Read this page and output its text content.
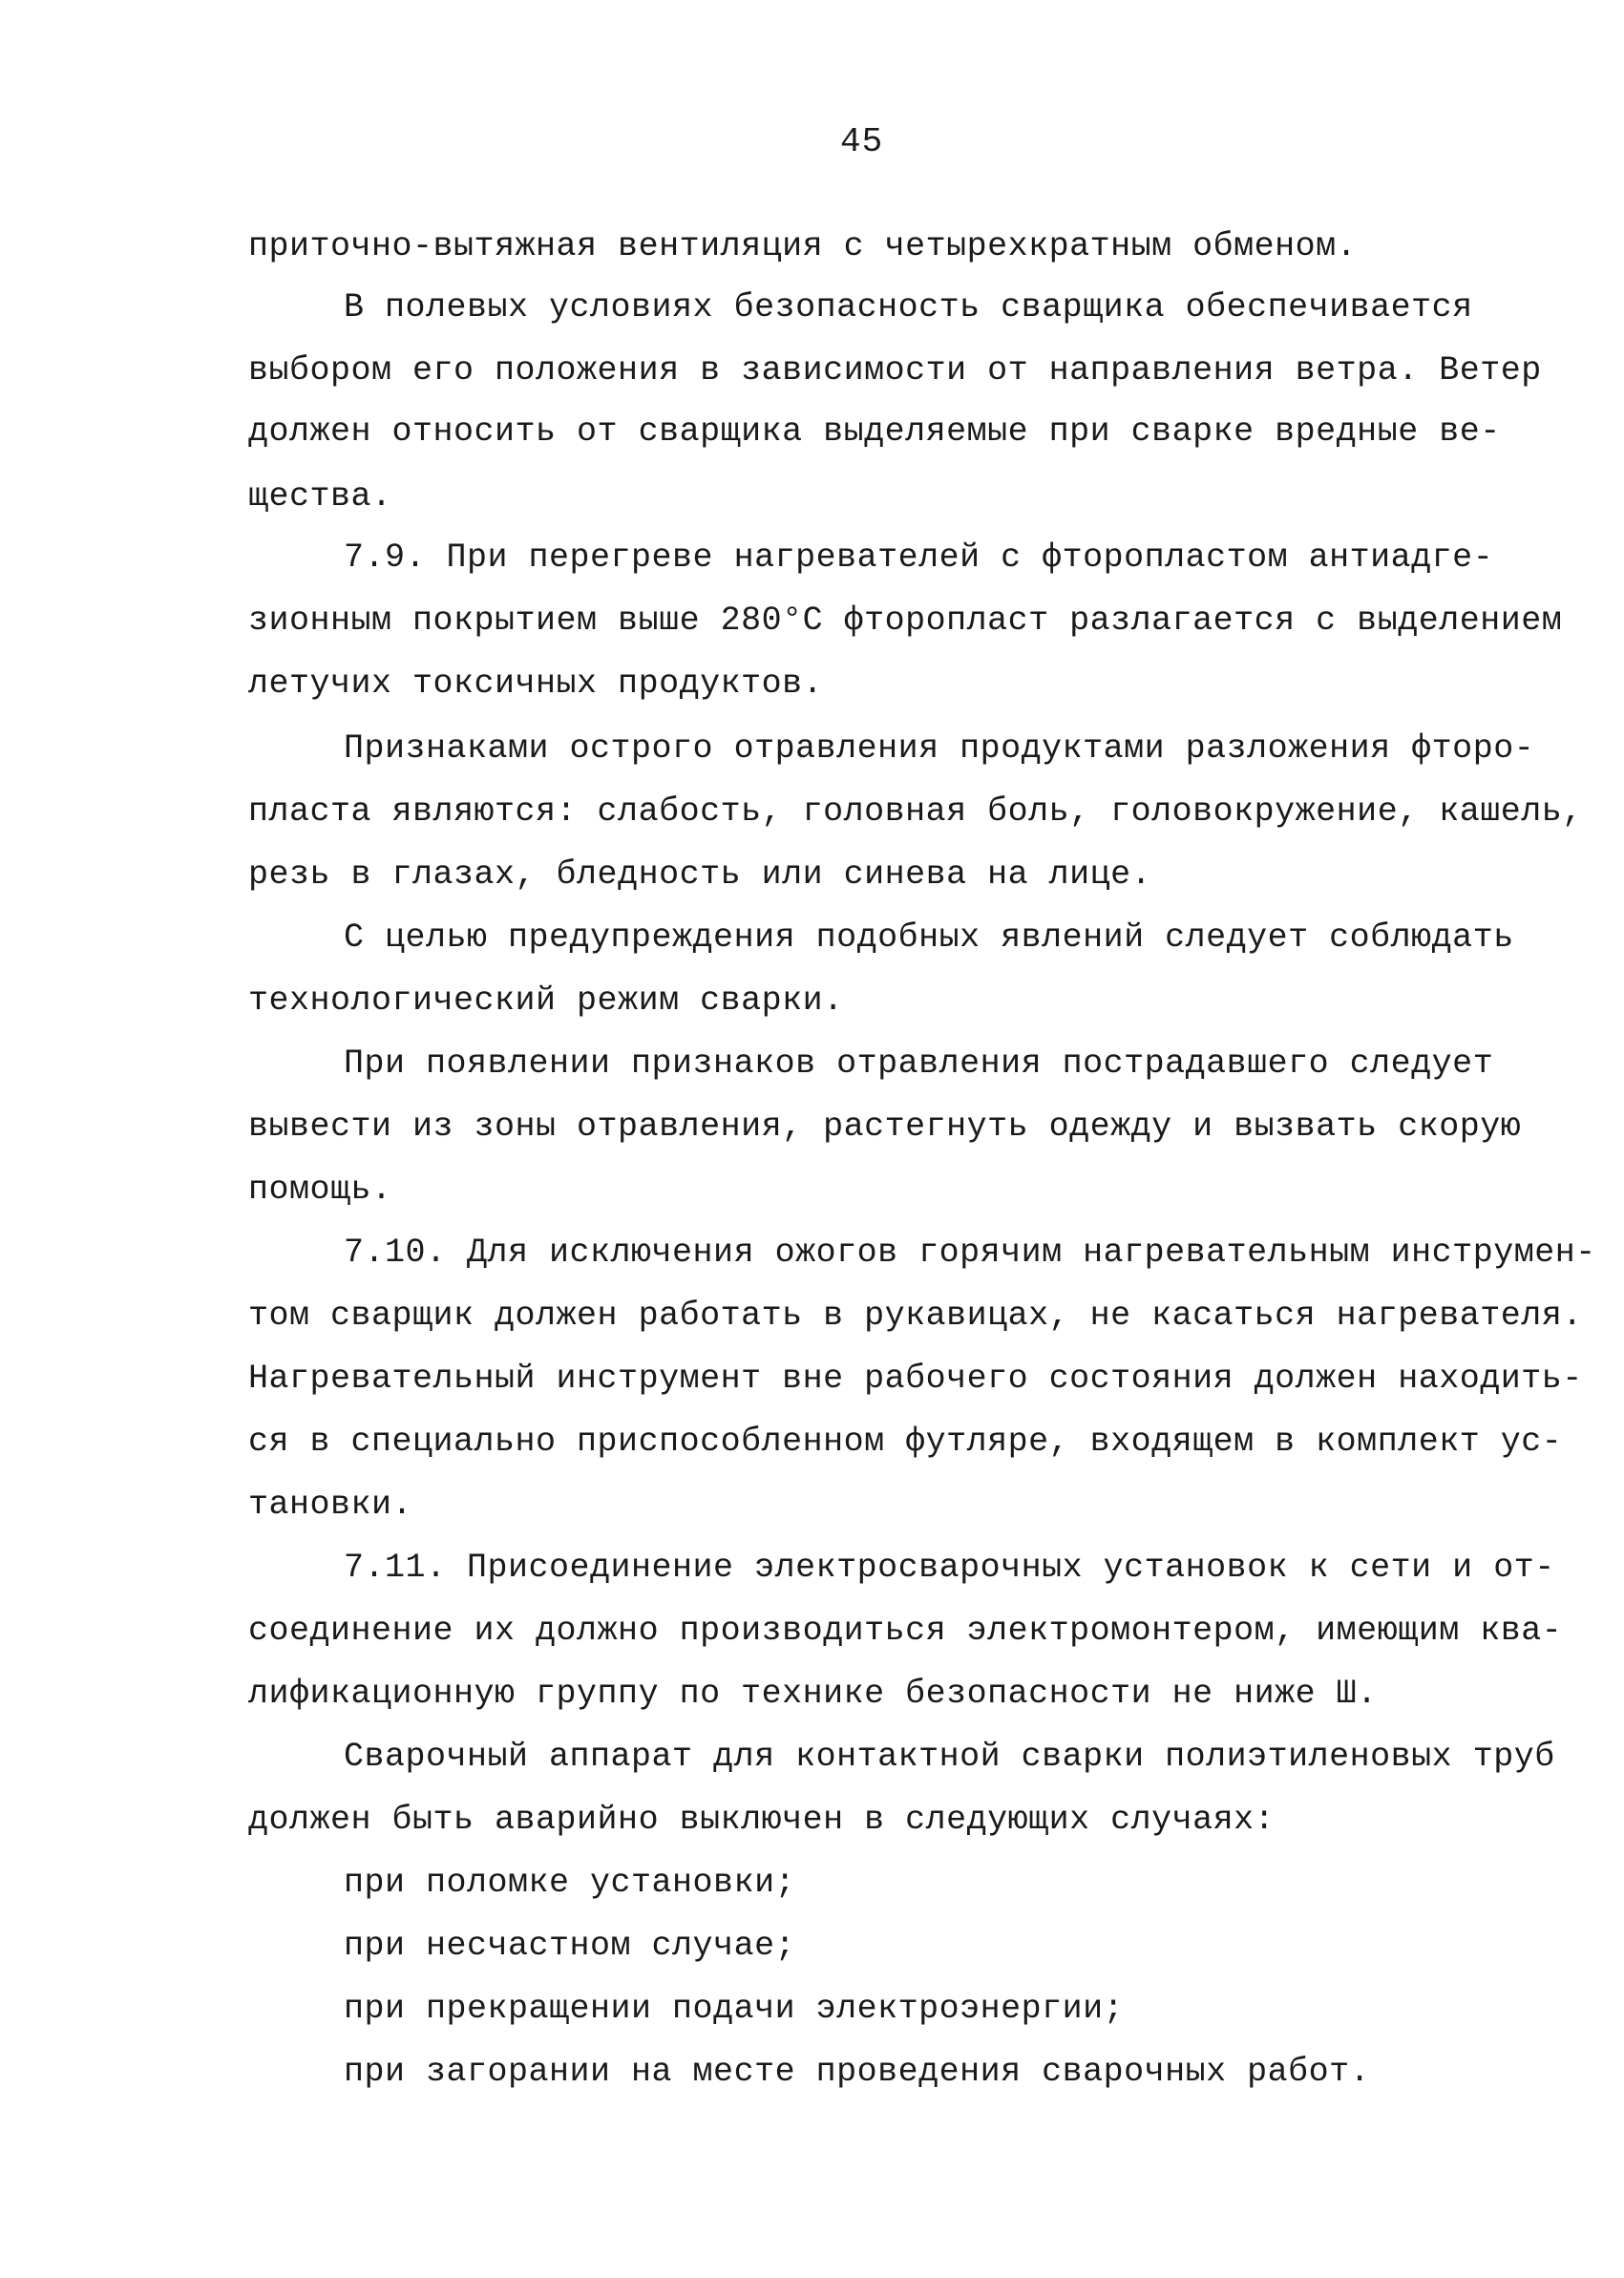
45
приточно-вытяжная вентиляция с четырехкратным обменом.
В полевых условиях безопасность сварщика обеспечивается
выбором его положения в зависимости от направления ветра. Ветер
должен относить от сварщика выделяемые при сварке вредные ве-
щества.
7.9. При перегреве нагревателей с фторопластом антиадге-
зионным покрытием выше 280°С фторопласт разлагается с выделением
летучих токсичных продуктов.
Признаками острого отравления продуктами разложения фторо-
пласта являются: слабость, головная боль, головокружение, кашель,
резь в глазах, бледность или синева на лице.
С целью предупреждения подобных явлений следует соблюдать
технологический режим сварки.
При появлении признаков отравления пострадавшего следует
вывести из зоны отравления, растегнуть одежду и вызвать скорую
помощь.
7.10. Для исключения ожогов горячим нагревательным инструмен-
том сварщик должен работать в рукавицах, не касаться нагревателя.
Нагревательный инструмент вне рабочего состояния должен находить-
ся в специально приспособленном футляре, входящем в комплект ус-
тановки.
7.11. Присоединение электросварочных установок к сети и от-
соединение их должно производиться электромонтером, имеющим ква-
лификационную группу по технике безопасности не ниже Ш.
Сварочный аппарат для контактной сварки полиэтиленовых труб
должен быть аварийно выключен в следующих случаях:
при поломке установки;
при несчастном случае;
при прекращении подачи электроэнергии;
при загорании на месте проведения сварочных работ.
